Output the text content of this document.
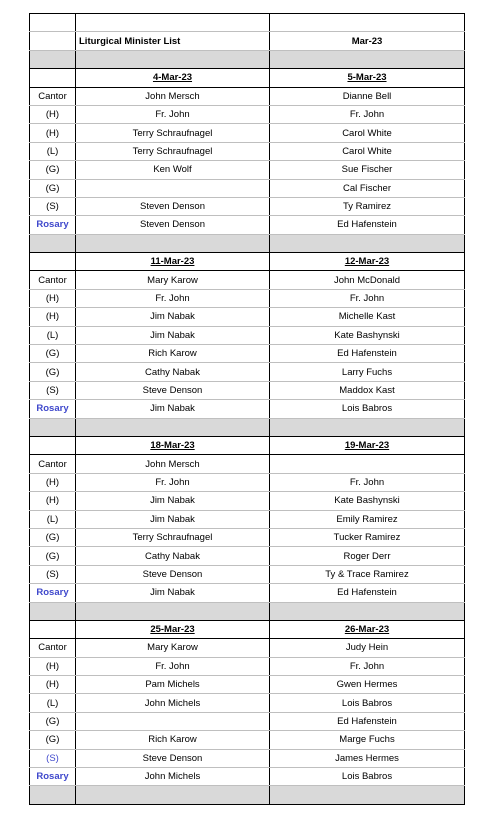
	Liturgical Minister List	Mar-23

	4-Mar-23	5-Mar-23
Cantor	John Mersch	Dianne Bell
(H)	Fr. John	Fr. John
(H)	Terry Schraufnagel	Carol White
(L)	Terry Schraufnagel	Carol White
(G)	Ken Wolf	Sue Fischer
(G)		Cal Fischer
(S)	Steven Denson	Ty Ramirez
Rosary	Steven Denson	Ed Hafenstein

	11-Mar-23	12-Mar-23
Cantor	Mary Karow	John McDonald
(H)	Fr. John	Fr. John
(H)	Jim Nabak	Michelle Kast
(L)	Jim Nabak	Kate Bashynski
(G)	Rich Karow	Ed Hafenstein
(G)	Cathy Nabak	Larry Fuchs
(S)	Steve Denson	Maddox Kast
Rosary	Jim Nabak	Lois Babros

	18-Mar-23	19-Mar-23
Cantor	John Mersch	
(H)	Fr. John	Fr. John
(H)	Jim Nabak	Kate Bashynski
(L)	Jim Nabak	Emily Ramirez
(G)	Terry Schraufnagel	Tucker Ramirez
(G)	Cathy Nabak	Roger Derr
(S)	Steve Denson	Ty & Trace Ramirez
Rosary	Jim Nabak	Ed Hafenstein

	25-Mar-23	26-Mar-23
Cantor	Mary Karow	Judy Hein
(H)	Fr. John	Fr. John
(H)	Pam Michels	Gwen Hermes
(L)	John Michels	Lois Babros
(G)		Ed Hafenstein
(G)	Rich Karow	Marge Fuchs
(S)	Steve Denson	James Hermes
Rosary	John Michels	Lois Babros
